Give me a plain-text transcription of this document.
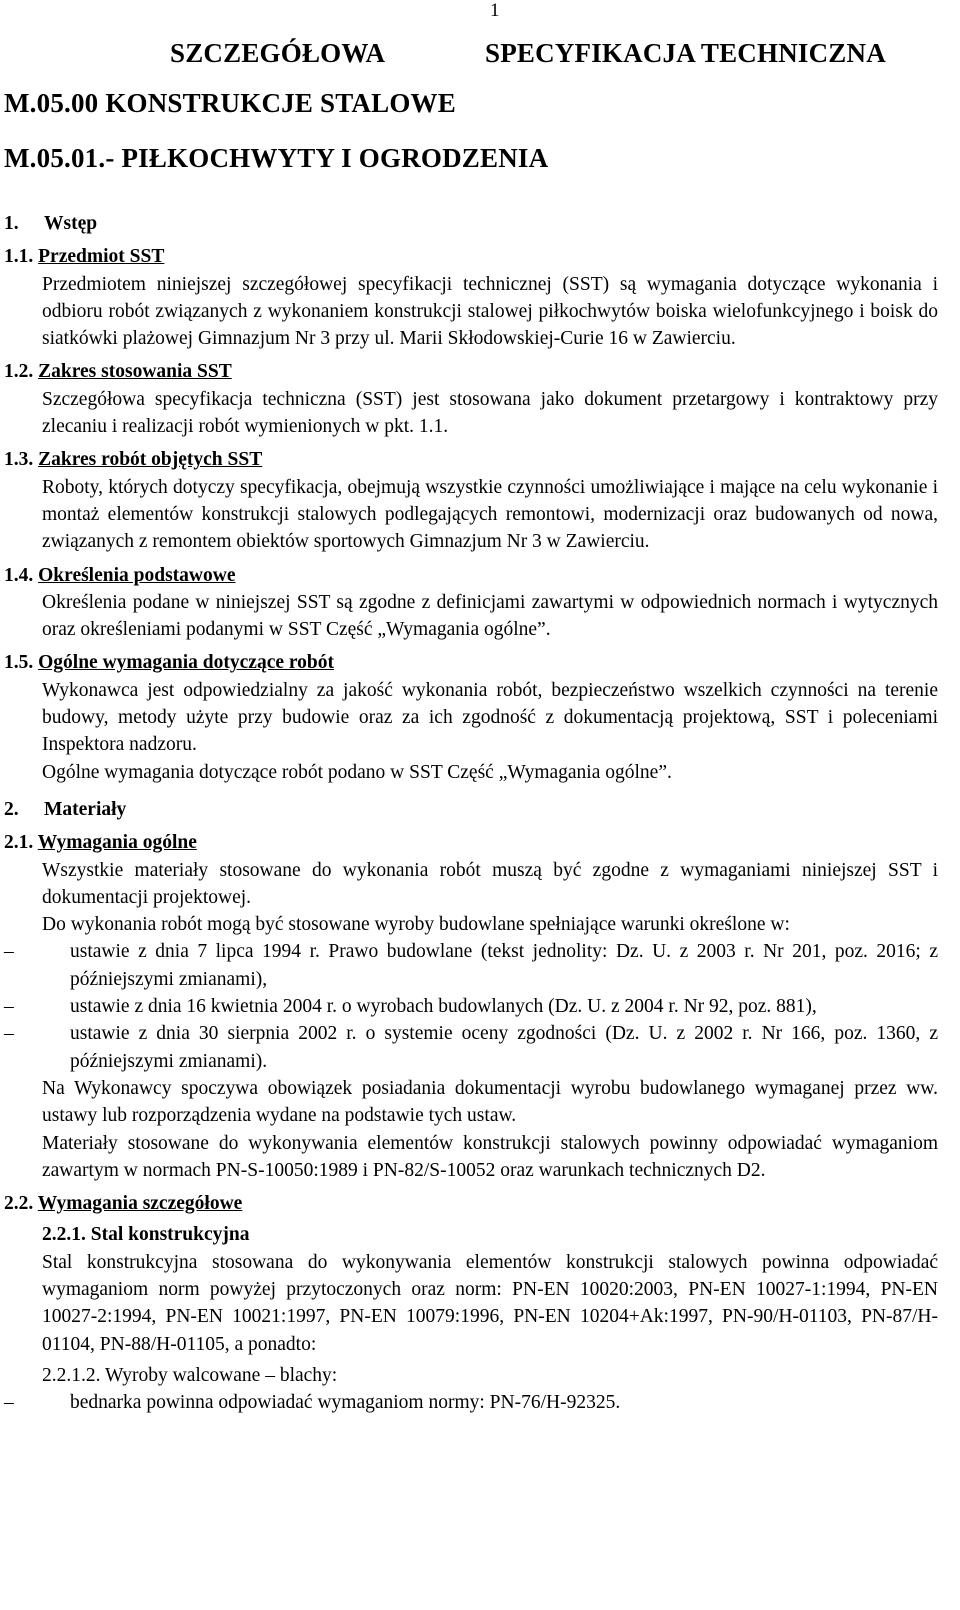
1
SZCZEGÓŁOWA	SPECYFIKACJA TECHNICZNA
M.05.00 KONSTRUKCJE STALOWE
M.05.01.- PIŁKOCHWYTY I OGRODZENIA
1. Wstęp
1.1. Przedmiot SST
Przedmiotem niniejszej szczegółowej specyfikacji technicznej (SST) są wymagania dotyczące wykonania i odbioru robót związanych z wykonaniem konstrukcji stalowej piłkochwytów boiska wielofunkcyjnego i boisk do siatkówki plażowej Gimnazjum Nr 3 przy ul. Marii Skłodowskiej-Curie 16 w Zawierciu.
1.2. Zakres stosowania SST
Szczegółowa specyfikacja techniczna (SST) jest stosowana jako dokument przetargowy i kontraktowy przy zlecaniu i realizacji robót wymienionych w pkt. 1.1.
1.3. Zakres robót objętych SST
Roboty, których dotyczy specyfikacja, obejmują wszystkie czynności umożliwiające i mające na celu wykonanie i montaż elementów konstrukcji stalowych podlegających remontowi, modernizacji oraz budowanych od nowa, związanych z remontem obiektów sportowych Gimnazjum Nr 3 w Zawierciu.
1.4. Określenia podstawowe
Określenia podane w niniejszej SST są zgodne z definicjami zawartymi w odpowiednich normach i wytycznych oraz określeniami podanymi w SST Część „Wymagania ogólne”.
1.5. Ogólne wymagania dotyczące robót
Wykonawca jest odpowiedzialny za jakość wykonania robót, bezpieczeństwo wszelkich czynności na terenie budowy, metody użyte przy budowie oraz za ich zgodność z dokumentacją projektową, SST i poleceniami Inspektora nadzoru.
Ogólne wymagania dotyczące robót podano w SST Część „Wymagania ogólne”.
2. Materiały
2.1. Wymagania ogólne
Wszystkie materiały stosowane do wykonania robót muszą być zgodne z wymaganiami niniejszej SST i dokumentacji projektowej.
Do wykonania robót mogą być stosowane wyroby budowlane spełniające warunki określone w:
–	ustawie z dnia 7 lipca 1994 r. Prawo budowlane (tekst jednolity: Dz. U. z 2003 r. Nr 201, poz. 2016; z późniejszymi zmianami),
–	ustawie z dnia 16 kwietnia 2004 r. o wyrobach budowlanych (Dz. U. z 2004 r. Nr 92, poz. 881),
–	ustawie z dnia 30 sierpnia 2002 r. o systemie oceny zgodności (Dz. U. z 2002 r. Nr 166, poz. 1360, z późniejszymi zmianami).
Na Wykonawcy spoczywa obowiązek posiadania dokumentacji wyrobu budowlanego wymaganej przez ww. ustawy lub rozporządzenia wydane na podstawie tych ustaw.
Materiały stosowane do wykonywania elementów konstrukcji stalowych powinny odpowiadać wymaganiom zawartym w normach PN-S-10050:1989 i PN-82/S-10052 oraz warunkach technicznych D2.
2.2. Wymagania szczegółowe
2.2.1. Stal konstrukcyjna
Stal konstrukcyjna stosowana do wykonywania elementów konstrukcji stalowych powinna odpowiadać wymaganiom norm powyżej przytoczonych oraz norm: PN-EN 10020:2003, PN-EN 10027-1:1994, PN-EN 10027-2:1994, PN-EN 10021:1997, PN-EN 10079:1996, PN-EN 10204+Ak:1997, PN-90/H-01103, PN-87/H-01104, PN-88/H-01105, a ponadto:
2.2.1.2. Wyroby walcowane – blachy:
–	bednarka powinna odpowiadać wymaganiom normy: PN-76/H-92325.
